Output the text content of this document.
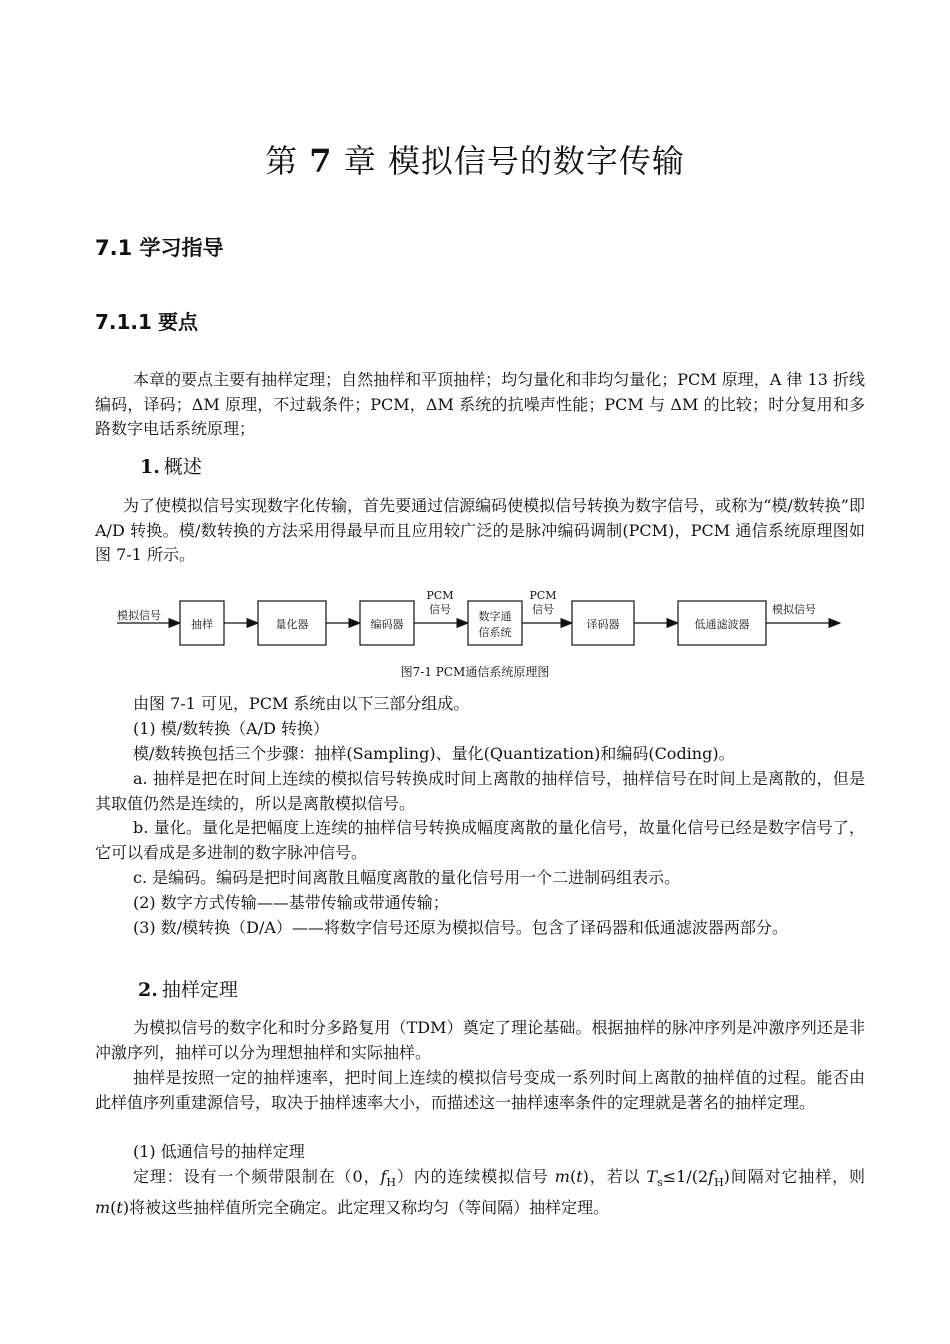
第 7 章 模拟信号的数字传输
7.1 学习指导
7.1.1 要点

本章的要点主要有抽样定理；自然抽样和平顶抽样；均匀量化和非均匀量化；PCM 原理，A 律 13 折线编码，译码；ΔM 原理，不过载条件；PCM，ΔM 系统的抗噪声性能；PCM 与 ΔM 的比较；时分复用和多路数字电话系统原理；

1. 概述

为了使模拟信号实现数字化传输，首先要通过信源编码使模拟信号转换为数字信号，或称为“模/数转换”即 A/D 转换。模/数转换的方法采用得最早而且应用较广泛的是脉冲编码调制(PCM)，PCM 通信系统原理图如图 7-1 所示。

模拟信号
抽样	量化器	编码器
PCM
信号
数字通
信系统
PCM
信号
译码器	低通滤波器
模拟信号

图7-1 PCM通信系统原理图

由图 7-1 可见，PCM 系统由以下三部分组成。

(1) 模/数转换（A/D 转换）

模/数转换包括三个步骤：抽样(Sampling)、量化(Quantization)和编码(Coding)。

a. 抽样是把在时间上连续的模拟信号转换成时间上离散的抽样信号，抽样信号在时间上是离散的，但是其取值仍然是连续的，所以是离散模拟信号。

b. 量化。量化是把幅度上连续的抽样信号转换成幅度离散的量化信号，故量化信号已经是数字信号了，它可以看成是多进制的数字脉冲信号。

c. 是编码。编码是把时间离散且幅度离散的量化信号用一个二进制码组表示。

(2) 数字方式传输——基带传输或带通传输；

(3) 数/模转换（D/A）——将数字信号还原为模拟信号。包含了译码器和低通滤波器两部分。

2. 抽样定理

为模拟信号的数字化和时分多路复用（TDM）奠定了理论基础。根据抽样的脉冲序列是冲激序列还是非冲激序列，抽样可以分为理想抽样和实际抽样。

抽样是按照一定的抽样速率，把时间上连续的模拟信号变成一系列时间上离散的抽样值的过程。能否由此样值序列重建源信号，取决于抽样速率大小，而描述这一抽样速率条件的定理就是著名的抽样定理。

(1) 低通信号的抽样定理

定理：设有一个频带限制在（0，$f_H$）内的连续模拟信号 m(t)，若以 $T_s\le 1/(2f_H)$间隔对它抽样，则 m(t)将被这些抽样值所完全确定。此定理又称均匀（等间隔）抽样定理。
